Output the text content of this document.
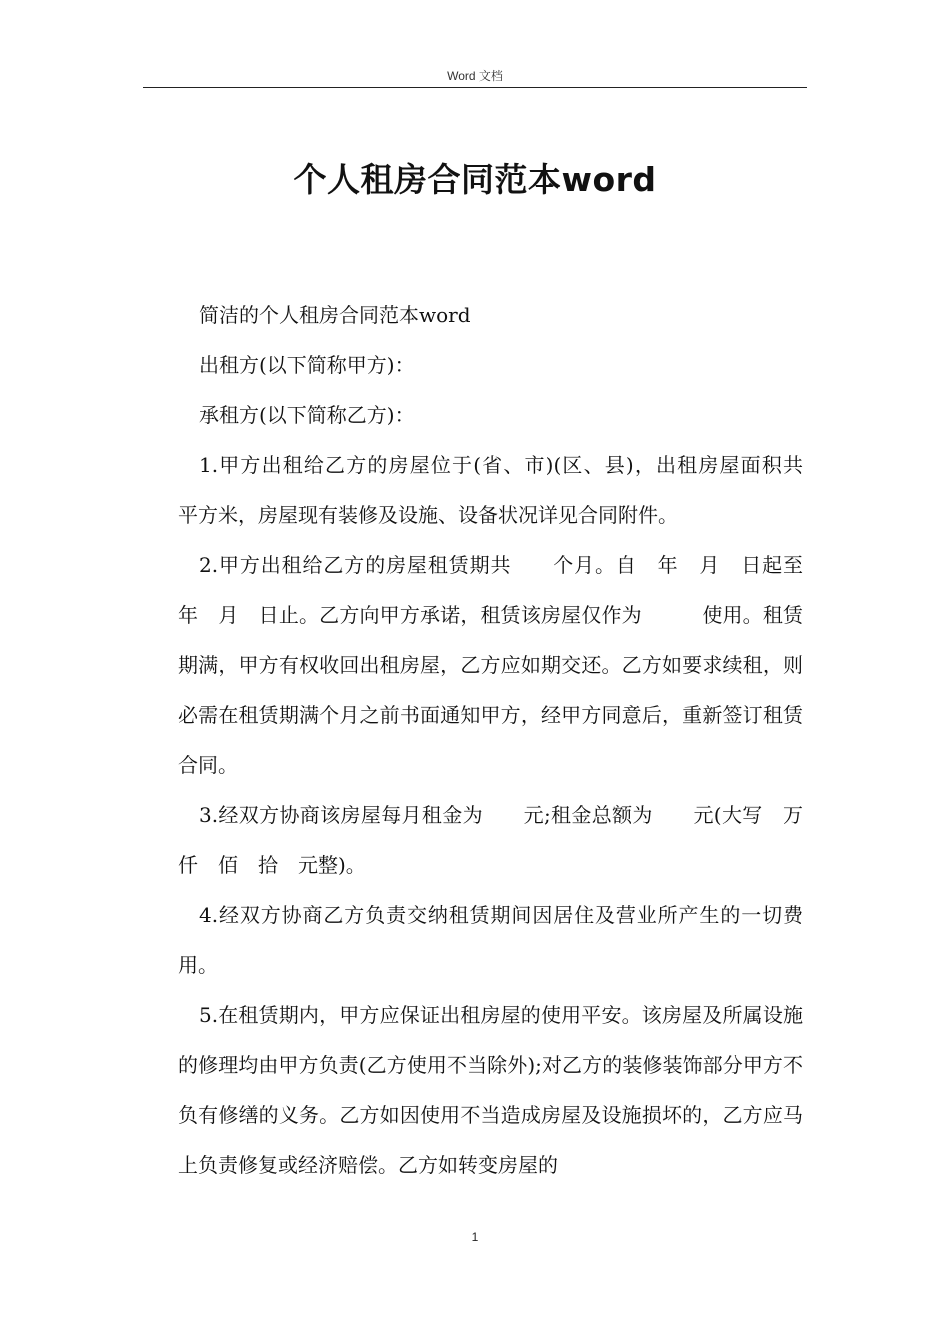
Word 文档
个人租房合同范本word

简洁的个人租房合同范本word

出租方(以下简称甲方)：

承租方(以下简称乙方)：

1.甲方出租给乙方的房屋位于(省、市)(区、县)，出租房屋面积共　平方米，房屋现有装修及设施、设备状况详见合同附件。

2.甲方出租给乙方的房屋租赁期共　　个月。自　年　月　日起至　年　月　日止。乙方向甲方承诺，租赁该房屋仅作为　　　使用。租赁期满，甲方有权收回出租房屋，乙方应如期交还。乙方如要求续租，则必需在租赁期满个月之前书面通知甲方，经甲方同意后，重新签订租赁合同。

3.经双方协商该房屋每月租金为　　元;租金总额为　　元(大写　万　仟　佰　拾　元整)。

4.经双方协商乙方负责交纳租赁期间因居住及营业所产生的一切费用。

5.在租赁期内，甲方应保证出租房屋的使用平安。该房屋及所属设施的修理均由甲方负责(乙方使用不当除外);对乙方的装修装饰部分甲方不负有修缮的义务。乙方如因使用不当造成房屋及设施损坏的，乙方应马上负责修复或经济赔偿。乙方如转变房屋的

1
